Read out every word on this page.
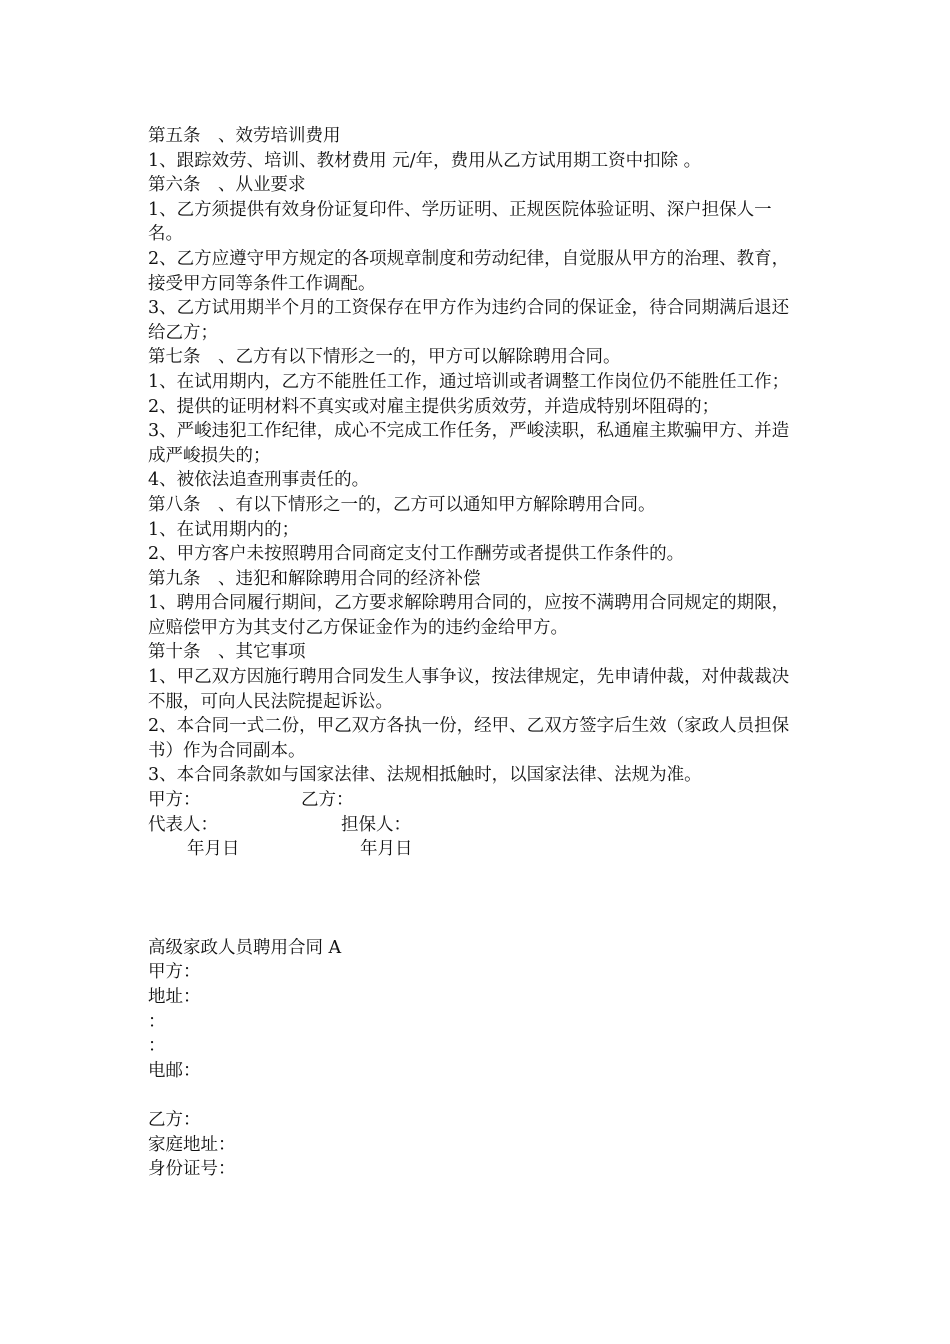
第五条　、效劳培训费用

1、跟踪效劳、培训、教材费用 元/年，费用从乙方试用期工资中扣除 。

第六条　、从业要求

1、乙方须提供有效身份证复印件、学历证明、正规医院体验证明、深户担保人一名。

2、乙方应遵守甲方规定的各项规章制度和劳动纪律，自觉服从甲方的治理、教育，接受甲方同等条件工作调配。

3、乙方试用期半个月的工资保存在甲方作为违约合同的保证金，待合同期满后退还给乙方；

第七条　、乙方有以下情形之一的，甲方可以解除聘用合同。

1、在试用期内，乙方不能胜任工作，通过培训或者调整工作岗位仍不能胜任工作；

2、提供的证明材料不真实或对雇主提供劣质效劳，并造成特别坏阻碍的；

3、严峻违犯工作纪律，成心不完成工作任务，严峻渎职，私通雇主欺骗甲方、并造成严峻损失的；

4、被依法追查刑事责任的。

第八条　、有以下情形之一的，乙方可以通知甲方解除聘用合同。

1、在试用期内的；

2、甲方客户未按照聘用合同商定支付工作酬劳或者提供工作条件的。

第九条　、违犯和解除聘用合同的经济补偿

1、聘用合同履行期间，乙方要求解除聘用合同的，应按不满聘用合同规定的期限，应赔偿甲方为其支付乙方保证金作为的违约金给甲方。

第十条　、其它事项

1、甲乙双方因施行聘用合同发生人事争议，按法律规定，先申请仲裁，对仲裁裁决不服，可向人民法院提起诉讼。

2、本合同一式二份，甲乙双方各执一份，经甲、乙双方签字后生效（家政人员担保书）作为合同副本。

3、本合同条款如与国家法律、法规相抵触时，以国家法律、法规为准。

甲方：	乙方：
代表人：	担保人：
年月日	年月日

高级家政人员聘用合同 A

甲方：

地址：

：

：

电邮：

乙方：

家庭地址：

身份证号：
